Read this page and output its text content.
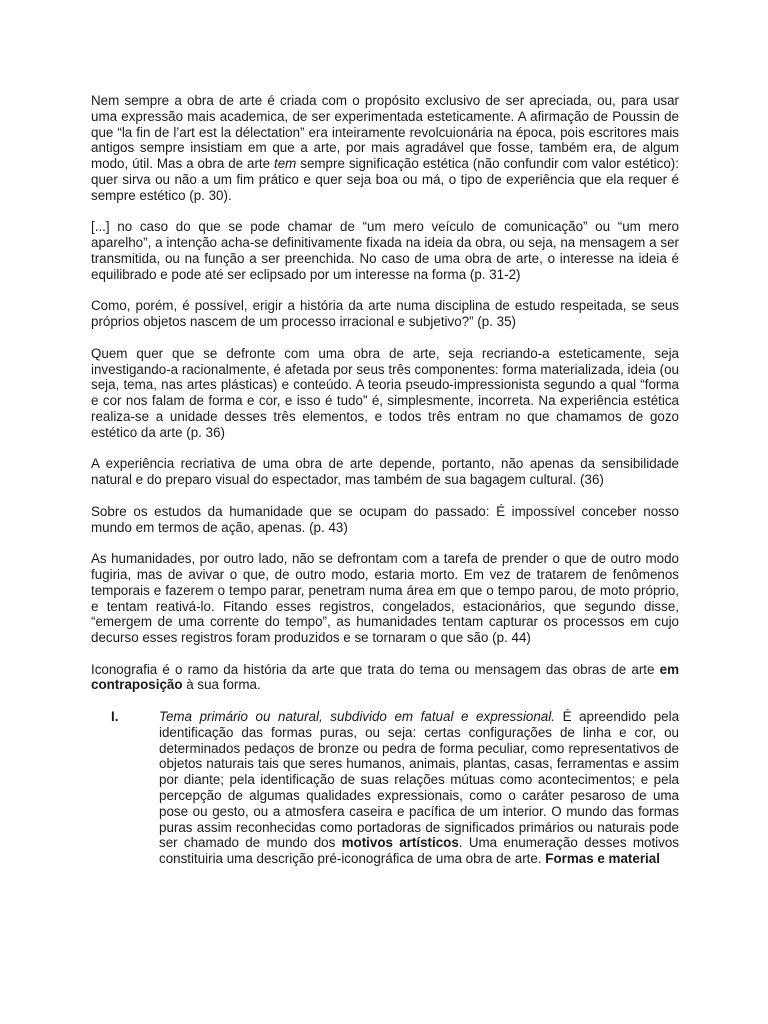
Nem sempre a obra de arte é criada com o propósito exclusivo de ser apreciada, ou, para usar uma expressão mais academica, de ser experimentada esteticamente. A afirmação de Poussin de que “la fin de l’art est la délectation” era inteiramente revolcuionária na época, pois escritores mais antigos sempre insistiam em que a arte, por mais agradável que fosse, também era, de algum modo, útil. Mas a obra de arte tem sempre significação estética (não confundir com valor estético): quer sirva ou não a um fim prático e quer seja boa ou má, o tipo de experiência que ela requer é sempre estético (p. 30).

[...] no caso do que se pode chamar de “um mero veículo de comunicação” ou “um mero aparelho”, a intenção acha-se definitivamente fixada na ideia da obra, ou seja, na mensagem a ser transmitida, ou na função a ser preenchida. No caso de uma obra de arte, o interesse na ideia é equilibrado e pode até ser eclipsado por um interesse na forma (p. 31-2)

Como, porém, é possível, erigir a história da arte numa disciplina de estudo respeitada, se seus próprios objetos nascem de um processo irracional e subjetivo?” (p. 35)

Quem quer que se defronte com uma obra de arte, seja recriando-a esteticamente, seja investigando-a racionalmente, é afetada por seus três componentes: forma materializada, ideia (ou seja, tema, nas artes plásticas) e conteúdo. A teoria pseudo-impressionista segundo a qual “forma e cor nos falam de forma e cor, e isso é tudo” é, simplesmente, incorreta. Na experiência estética realiza-se a unidade desses três elementos, e todos três entram no que chamamos de gozo estético da arte (p. 36)

A experiência recriativa de uma obra de arte depende, portanto, não apenas da sensibilidade natural e do preparo visual do espectador, mas também de sua bagagem cultural. (36)

Sobre os estudos da humanidade que se ocupam do passado: É impossível conceber nosso mundo em termos de ação, apenas. (p. 43)

As humanidades, por outro lado, não se defrontam com a tarefa de prender o que de outro modo fugiria, mas de avivar o que, de outro modo, estaria morto. Em vez de tratarem de fenômenos temporais e fazerem o tempo parar, penetram numa área em que o tempo parou, de moto próprio, e tentam reativá-lo. Fitando esses registros, congelados, estacionários, que segundo disse, “emergem de uma corrente do tempo”, as humanidades tentam capturar os processos em cujo decurso esses registros foram produzidos e se tornaram o que são (p. 44)

Iconografia é o ramo da história da arte que trata do tema ou mensagem das obras de arte em contraposição à sua forma.

I.	Tema primário ou natural, subdivido em fatual e expressional. É apreendido pela identificação das formas puras, ou seja: certas configurações de linha e cor, ou determinados pedaços de bronze ou pedra de forma peculiar, como representativos de objetos naturais tais que seres humanos, animais, plantas, casas, ferramentas e assim por diante; pela identificação de suas relações mútuas como acontecimentos; e pela percepção de algumas qualidades expressionais, como o caráter pesaroso de uma pose ou gesto, ou a atmosfera caseira e pacífica de um interior. O mundo das formas puras assim reconhecidas como portadoras de significados primários ou naturais pode ser chamado de mundo dos motivos artísticos. Uma enumeração desses motivos constituiria uma descrição pré-iconográfica de uma obra de arte. Formas e material
